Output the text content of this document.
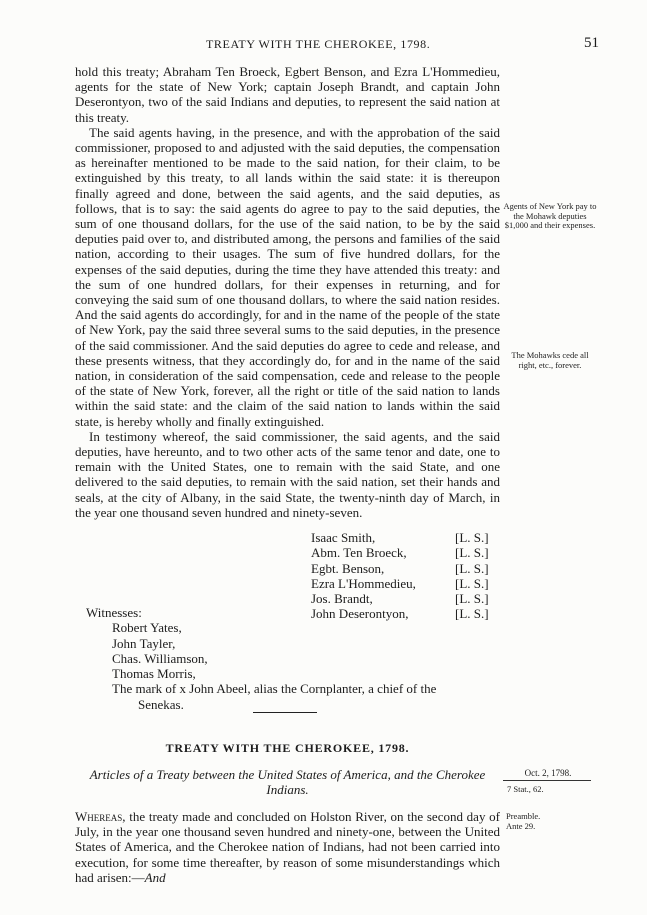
TREATY WITH THE CHEROKEE, 1798.	51

hold this treaty; Abraham Ten Broeck, Egbert Benson, and Ezra L'Hommedieu, agents for the state of New York; captain Joseph Brandt, and captain John Deserontyon, two of the said Indians and deputies, to represent the said nation at this treaty.

The said agents having, in the presence, and with the approbation of the said commissioner, proposed to and adjusted with the said deputies, the compensation as hereinafter mentioned to be made to the said nation, for their claim, to be extinguished by this treaty, to all lands within the said state: it is thereupon finally agreed and done, between the said agents, and the said deputies, as follows, that is to say: the said agents do agree to pay to the said deputies, the sum of one thousand dollars, for the use of the said nation, to be by the said deputies paid over to, and distributed among, the persons and families of the said nation, according to their usages. The sum of five hundred dollars, for the expenses of the said deputies, during the time they have attended this treaty: and the sum of one hundred dollars, for their expenses in returning, and for conveying the said sum of one thousand dollars, to where the said nation resides. And the said agents do accordingly, for and in the name of the people of the state of New York, pay the said three several sums to the said deputies, in the presence of the said commissioner. And the said deputies do agree to cede and release, and these presents witness, that they accordingly do, for and in the name of the said nation, in consideration of the said compensation, cede and release to the people of the state of New York, forever, all the right or title of the said nation to lands within the said state: and the claim of the said nation to lands within the said state, is hereby wholly and finally extinguished.

In testimony whereof, the said commissioner, the said agents, and the said deputies, have hereunto, and to two other acts of the same tenor and date, one to remain with the United States, one to remain with the said State, and one delivered to the said deputies, to remain with the said nation, set their hands and seals, at the city of Albany, in the said State, the twenty-ninth day of March, in the year one thousand seven hundred and ninety-seven.

Agents of New York pay to the Mohawk deputies $1,000 and their expenses.
The Mohawks cede all right, etc., forever.
Isaac Smith,	[L. S.]
Abm. Ten Broeck,	[L. S.]
Egbt. Benson,	[L. S.]
Ezra L'Hommedieu,	[L. S.]
Jos. Brandt,	[L. S.]
John Deserontyon,	[L. S.]
Witnesses:
Robert Yates,
John Tayler,
Chas. Williamson,
Thomas Morris,
The mark of x John Abeel, alias the Cornplanter, a chief of the
Senekas.
TREATY WITH THE CHEROKEE, 1798.
Articles of a Treaty between the United States of America, and the Cherokee Indians.
Oct. 2, 1798.
7 Stat., 62.
Preamble.
Ante 29.
Whereas, the treaty made and concluded on Holston River, on the second day of July, in the year one thousand seven hundred and ninety-one, between the United States of America, and the Cherokee nation of Indians, had not been carried into execution, for some time thereafter, by reason of some misunderstandings which had arisen:—And
